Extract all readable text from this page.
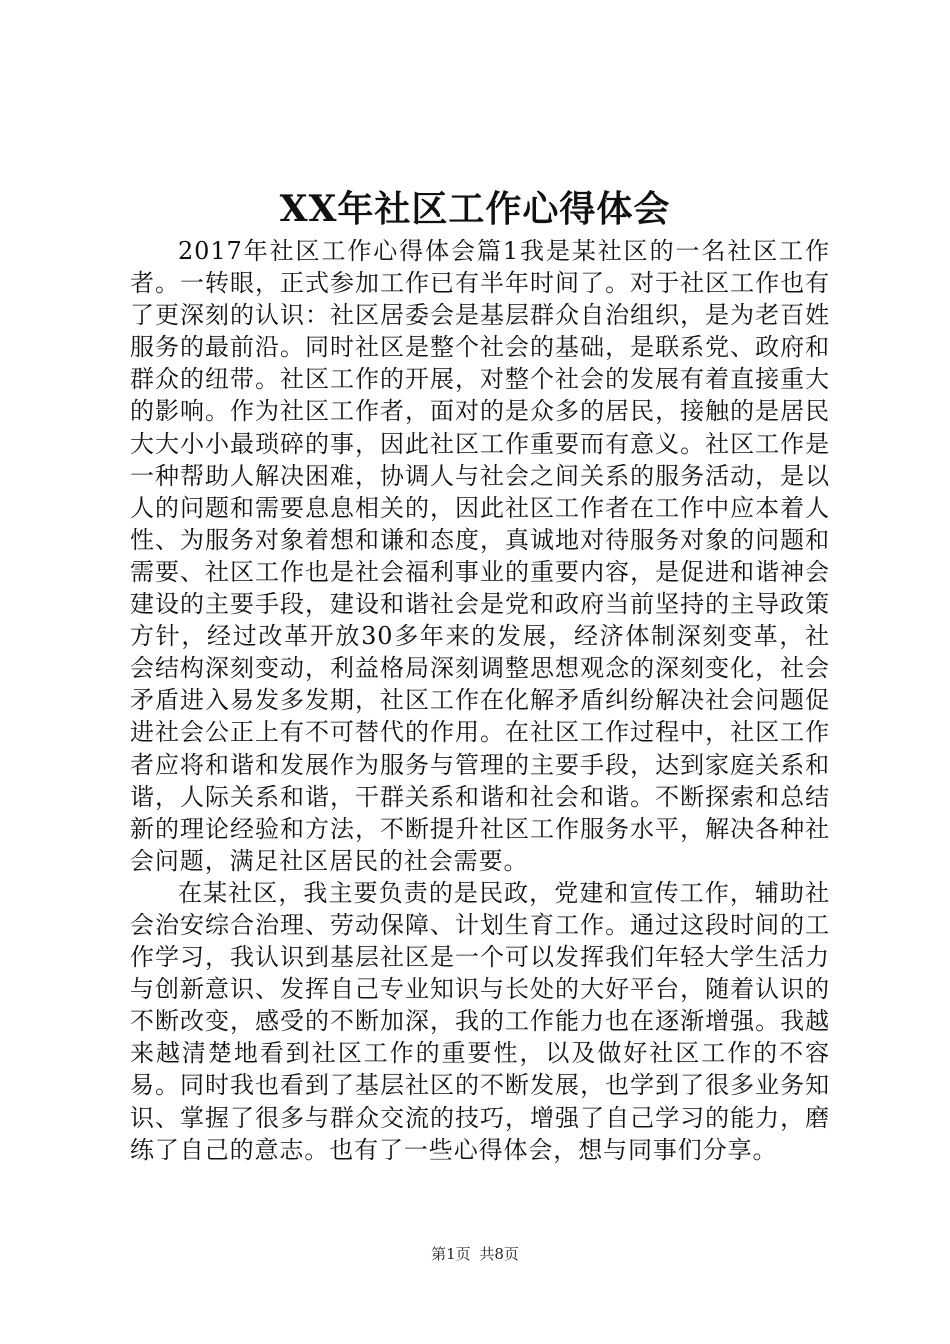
XX年社区工作心得体会

2017年社区工作心得体会篇1我是某社区的一名社区工作者。一转眼，正式参加工作已有半年时间了。对于社区工作也有了更深刻的认识：社区居委会是基层群众自治组织，是为老百姓服务的最前沿。同时社区是整个社会的基础，是联系党、政府和群众的纽带。社区工作的开展，对整个社会的发展有着直接重大的影响。作为社区工作者，面对的是众多的居民，接触的是居民大大小小最琐碎的事，因此社区工作重要而有意义。社区工作是一种帮助人解决困难，协调人与社会之间关系的服务活动，是以人的问题和需要息息相关的，因此社区工作者在工作中应本着人性、为服务对象着想和谦和态度，真诚地对待服务对象的问题和需要、社区工作也是社会福利事业的重要内容，是促进和谐神会建设的主要手段，建设和谐社会是党和政府当前坚持的主导政策方针，经过改革开放30多年来的发展，经济体制深刻变革，社会结构深刻变动，利益格局深刻调整思想观念的深刻变化，社会矛盾进入易发多发期，社区工作在化解矛盾纠纷解决社会问题促进社会公正上有不可替代的作用。在社区工作过程中，社区工作者应将和谐和发展作为服务与管理的主要手段，达到家庭关系和谐，人际关系和谐，干群关系和谐和社会和谐。不断探索和总结新的理论经验和方法，不断提升社区工作服务水平，解决各种社会问题，满足社区居民的社会需要。

在某社区，我主要负责的是民政，党建和宣传工作，辅助社会治安综合治理、劳动保障、计划生育工作。通过这段时间的工作学习，我认识到基层社区是一个可以发挥我们年轻大学生活力与创新意识、发挥自己专业知识与长处的大好平台，随着认识的不断改变，感受的不断加深，我的工作能力也在逐渐增强。我越来越清楚地看到社区工作的重要性，以及做好社区工作的不容易。同时我也看到了基层社区的不断发展，也学到了很多业务知识、掌握了很多与群众交流的技巧，增强了自己学习的能力，磨练了自己的意志。也有了一些心得体会，想与同事们分享。

第1页 共8页
